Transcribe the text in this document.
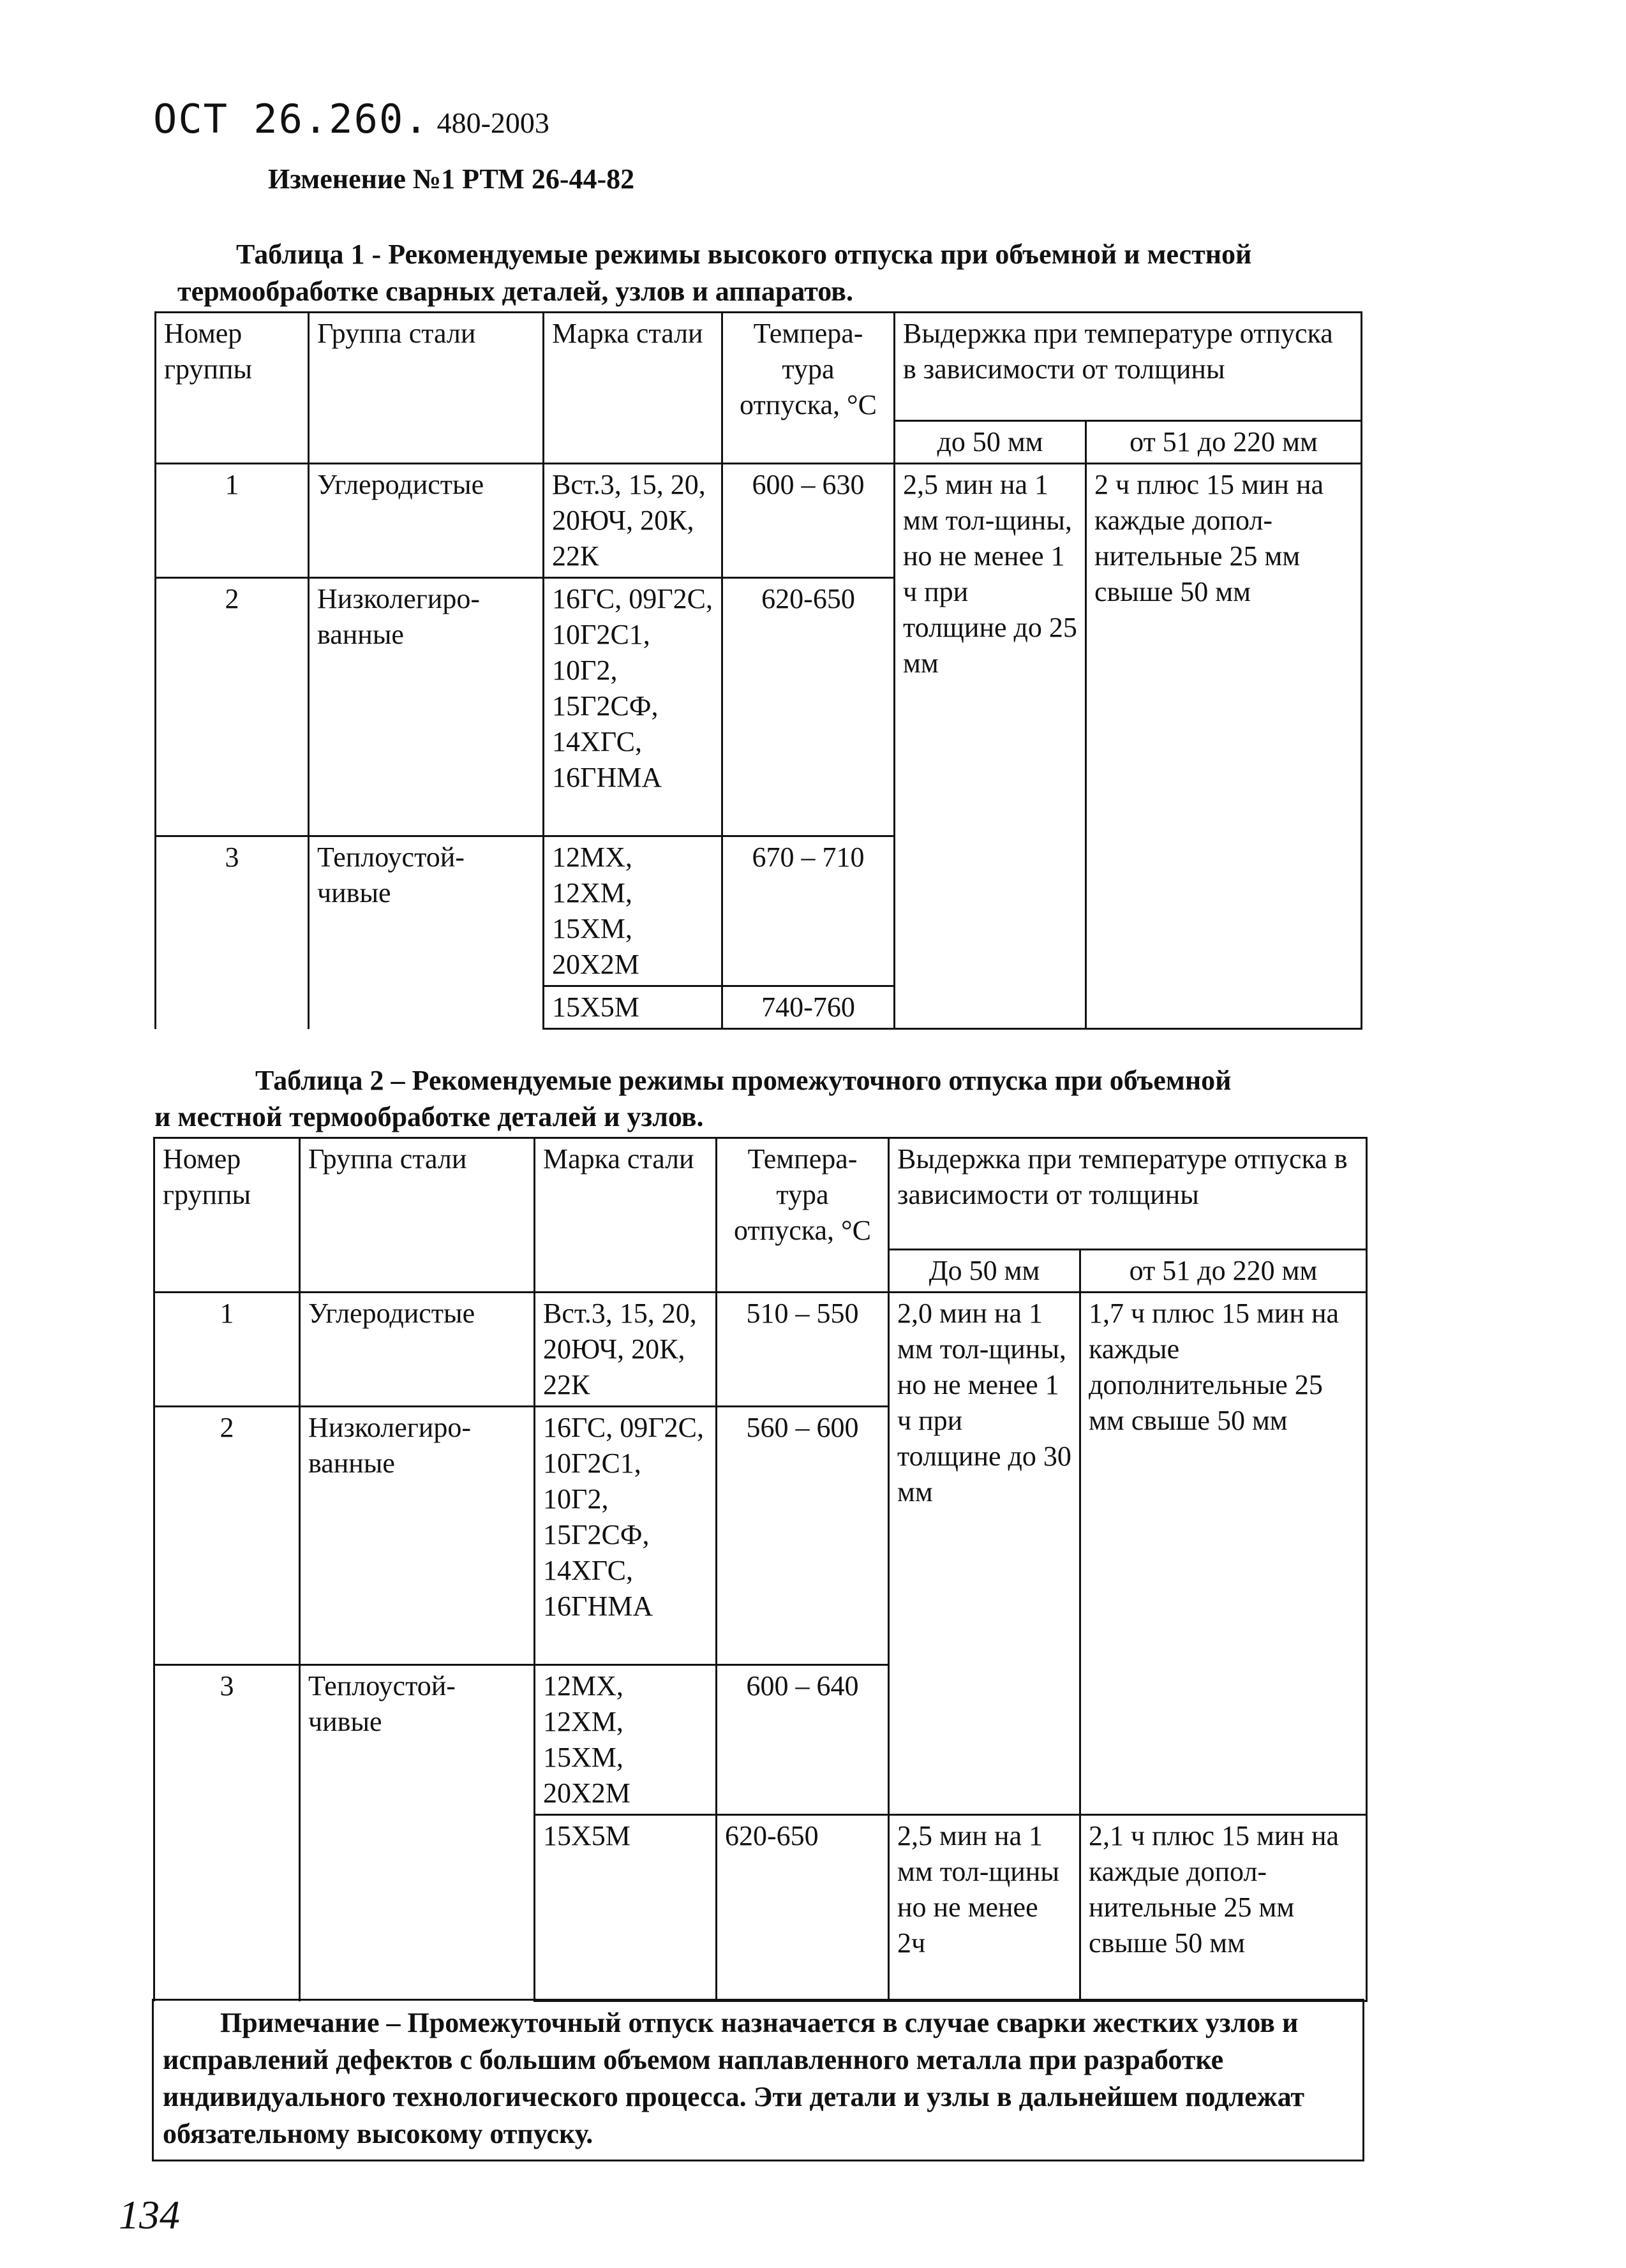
ОСТ 26.260. 480-2003
Изменение №1 РТМ 26-44-82
Таблица 1 - Рекомендуемые режимы высокого отпуска при объемной и местной
термообработке сварных деталей, узлов и аппаратов.
Номер группы	Группа стали	Марка стали	Темпера-тура отпуска, °С	Выдержка при температуре отпуска в зависимости от толщины	
				до 50 мм	от 51 до 220 мм
1	Углеродистые	Вст.3, 15, 20, 20ЮЧ, 20К, 22К	600 – 630	2,5 мин на 1 мм тол-щины, но не менее 1 ч при толщине до 25 мм	2 ч плюс 15 мин на каждые допол-нительные 25 мм свыше 50 мм
2	Низколегиро-ванные	16ГС, 09Г2С, 10Г2С1, 10Г2, 15Г2СФ, 14ХГС, 16ГНМА	620-650		
3	Теплоустой-чивые	12МХ, 12ХМ, 15ХМ, 20Х2М	670 – 710		
		15Х5М	740-760		
Таблица 2 – Рекомендуемые режимы промежуточного отпуска при объемной
и местной термообработке деталей и узлов.
Номер группы	Группа стали	Марка стали	Темпера-тура отпуска, °С	Выдержка при температуре отпуска в зависимости от толщины	
				До 50 мм	от 51 до 220 мм
1	Углеродистые	Вст.3, 15, 20, 20ЮЧ, 20К, 22К	510 – 550	2,0 мин на 1 мм тол-щины, но не менее 1 ч при толщине до 30 мм	1,7 ч плюс 15 мин на каждые дополнительные 25 мм свыше 50 мм
2	Низколегиро-ванные	16ГС, 09Г2С, 10Г2С1, 10Г2, 15Г2СФ, 14ХГС, 16ГНМА	560 – 600		
3	Теплоустой-чивые	12МХ, 12ХМ, 15ХМ, 20Х2М	600 – 640		
		15Х5М	620-650	2,5 мин на 1 мм тол-щины но не менее 2ч	2,1 ч плюс 15 мин на каждые допол-нительные 25 мм свыше 50 мм
Примечание – Промежуточный отпуск назначается в случае сварки жестких узлов и исправлений дефектов с большим объемом наплавленного металла при разработке индивидуального технологического процесса. Эти детали и узлы в дальнейшем подлежат обязательному высокому отпуску.
134
